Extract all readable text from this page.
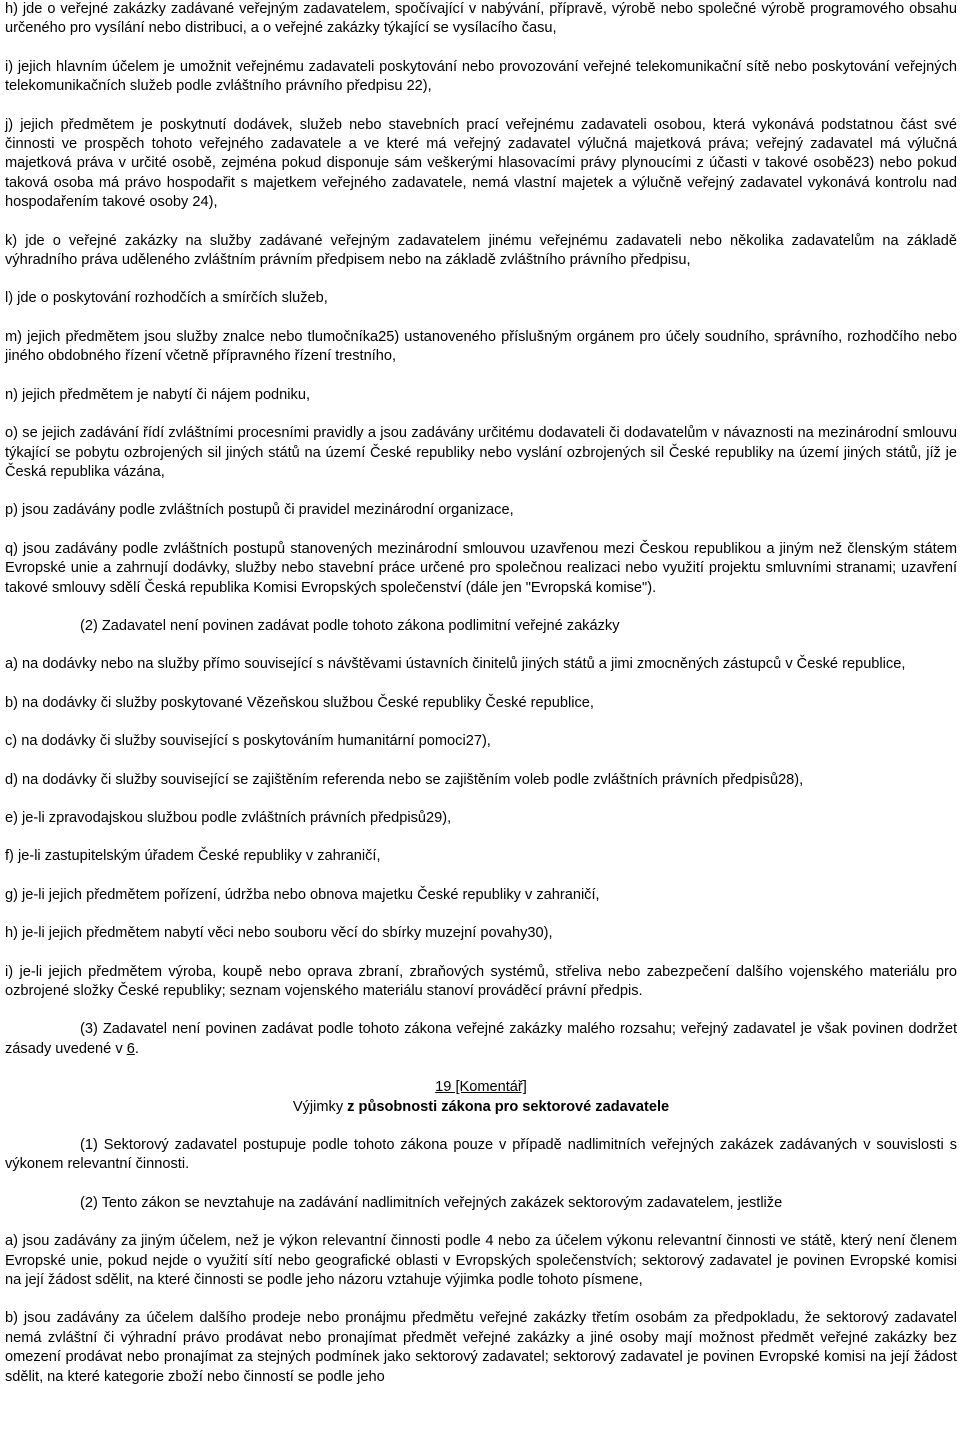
h) jde o veřejné zakázky zadávané veřejným zadavatelem, spočívající v nabývání, přípravě, výrobě nebo společné výrobě programového obsahu určeného pro vysílání nebo distribuci, a o veřejné zakázky týkající se vysílacího času,

i) jejich hlavním účelem je umožnit veřejnému zadavateli poskytování nebo provozování veřejné telekomunikační sítě nebo poskytování veřejných telekomunikačních služeb podle zvláštního právního předpisu 22),

j) jejich předmětem je poskytnutí dodávek, služeb nebo stavebních prací veřejnému zadavateli osobou, která vykonává podstatnou část své činnosti ve prospěch tohoto veřejného zadavatele a ve které má veřejný zadavatel výlučná majetková práva; veřejný zadavatel má výlučná majetková práva v určité osobě, zejména pokud disponuje sám veškerými hlasovacími právy plynoucími z účasti v takové osobě23) nebo pokud taková osoba má právo hospodařit s majetkem veřejného zadavatele, nemá vlastní majetek a výlučně veřejný zadavatel vykonává kontrolu nad hospodařením takové osoby 24),

k) jde o veřejné zakázky na služby zadávané veřejným zadavatelem jinému veřejnému zadavateli nebo několika zadavatelům na základě výhradního práva uděleného zvláštním právním předpisem nebo na základě zvláštního právního předpisu,

l) jde o poskytování rozhodčích a smírčích služeb,

m) jejich předmětem jsou služby znalce nebo tlumočníka25) ustanoveného příslušným orgánem pro účely soudního, správního, rozhodčího nebo jiného obdobného řízení včetně přípravného řízení trestního,

n) jejich předmětem je nabytí či nájem podniku,

o) se jejich zadávání řídí zvláštními procesními pravidly a jsou zadávány určitému dodavateli či dodavatelům v návaznosti na mezinárodní smlouvu týkající se pobytu ozbrojených sil jiných států na území České republiky nebo vyslání ozbrojených sil České republiky na území jiných států, jíž je Česká republika vázána,

p) jsou zadávány podle zvláštních postupů či pravidel mezinárodní organizace,

q) jsou zadávány podle zvláštních postupů stanovených mezinárodní smlouvou uzavřenou mezi Českou republikou a jiným než členským státem Evropské unie a zahrnují dodávky, služby nebo stavební práce určené pro společnou realizaci nebo využití projektu smluvními stranami; uzavření takové smlouvy sdělí Česká republika Komisi Evropských společenství (dále jen "Evropská komise").

(2) Zadavatel není povinen zadávat podle tohoto zákona podlimitní veřejné zakázky

a) na dodávky nebo na služby přímo související s návštěvami ústavních činitelů jiných států a jimi zmocněných zástupců v České republice,

b) na dodávky či služby poskytované Vězeňskou službou České republiky České republice,

c) na dodávky či služby související s poskytováním humanitární pomoci27),

d) na dodávky či služby související se zajištěním referenda nebo se zajištěním voleb podle zvláštních právních předpisů28),

e) je-li zpravodajskou službou podle zvláštních právních předpisů29),

f) je-li zastupitelským úřadem České republiky v zahraničí,

g) je-li jejich předmětem pořízení, údržba nebo obnova majetku České republiky v zahraničí,

h) je-li jejich předmětem nabytí věci nebo souboru věcí do sbírky muzejní povahy30),

i) je-li jejich předmětem výroba, koupě nebo oprava zbraní, zbraňových systémů, střeliva nebo zabezpečení dalšího vojenského materiálu pro ozbrojené složky České republiky; seznam vojenského materiálu stanoví prováděcí právní předpis.

(3) Zadavatel není povinen zadávat podle tohoto zákona veřejné zakázky malého rozsahu; veřejný zadavatel je však povinen dodržet zásady uvedené v 6.

19 [Komentář]

Výjimky z působnosti zákona pro sektorové zadavatele

(1) Sektorový zadavatel postupuje podle tohoto zákona pouze v případě nadlimitních veřejných zakázek zadávaných v souvislosti s výkonem relevantní činnosti.

(2) Tento zákon se nevztahuje na zadávání nadlimitních veřejných zakázek sektorovým zadavatelem, jestliže

a) jsou zadávány za jiným účelem, než je výkon relevantní činnosti podle 4 nebo za účelem výkonu relevantní činnosti ve státě, který není členem Evropské unie, pokud nejde o využití sítí nebo geografické oblasti v Evropských společenstvích; sektorový zadavatel je povinen Evropské komisi na její žádost sdělit, na které činnosti se podle jeho názoru vztahuje výjimka podle tohoto písmene,

b) jsou zadávány za účelem dalšího prodeje nebo pronájmu předmětu veřejné zakázky třetím osobám za předpokladu, že sektorový zadavatel nemá zvláštní či výhradní právo prodávat nebo pronajímat předmět veřejné zakázky a jiné osoby mají možnost předmět veřejné zakázky bez omezení prodávat nebo pronajímat za stejných podmínek jako sektorový zadavatel; sektorový zadavatel je povinen Evropské komisi na její žádost sdělit, na které kategorie zboží nebo činností se podle jeho
